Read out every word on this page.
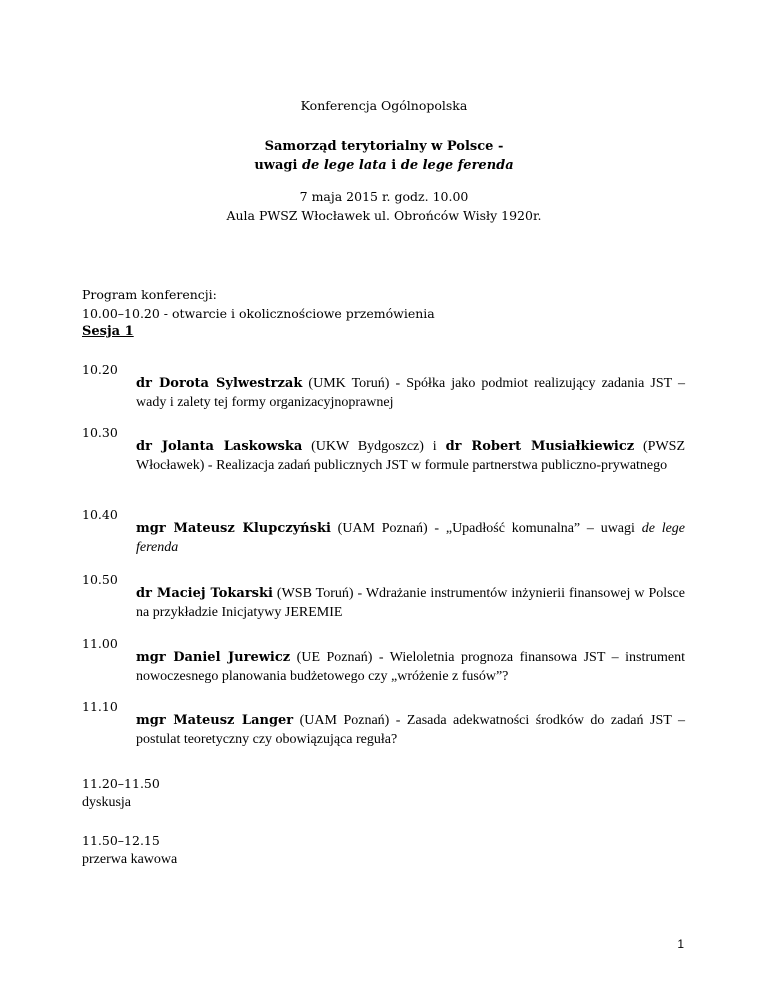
Konferencja Ogólnopolska
Samorząd terytorialny w Polsce -
uwagi de lege lata i de lege ferenda
7 maja 2015 r. godz. 10.00
Aula PWSZ Włocławek ul. Obrońców Wisły 1920r.
Program konferencji:
10.00–10.20 - otwarcie i okolicznościowe przemówienia
Sesja 1
10.20
dr Dorota Sylwestrzak (UMK Toruń) - Spółka jako podmiot realizujący zadania JST – wady i zalety tej formy organizacyjnoprawnej
10.30
dr Jolanta Laskowska (UKW Bydgoszcz) i dr Robert Musiałkiewicz (PWSZ Włocławek) - Realizacja zadań publicznych JST w formule partnerstwa publiczno-prywatnego
10.40
mgr Mateusz Klupczyński (UAM Poznań) - „Upadłość komunalna” – uwagi de lege ferenda
10.50
dr Maciej Tokarski (WSB Toruń) - Wdrażanie instrumentów inżynierii finansowej w Polsce na przykładzie Inicjatywy JEREMIE
11.00
mgr Daniel Jurewicz (UE Poznań) - Wieloletnia prognoza finansowa JST – instrument nowoczesnego planowania budżetowego czy „wróżenie z fusów”?
11.10
mgr Mateusz Langer (UAM Poznań) - Zasada adekwatności środków do zadań JST – postulat teoretyczny czy obowiązująca reguła?
11.20–11.50
dyskusja
11.50–12.15
przerwa kawowa
1
